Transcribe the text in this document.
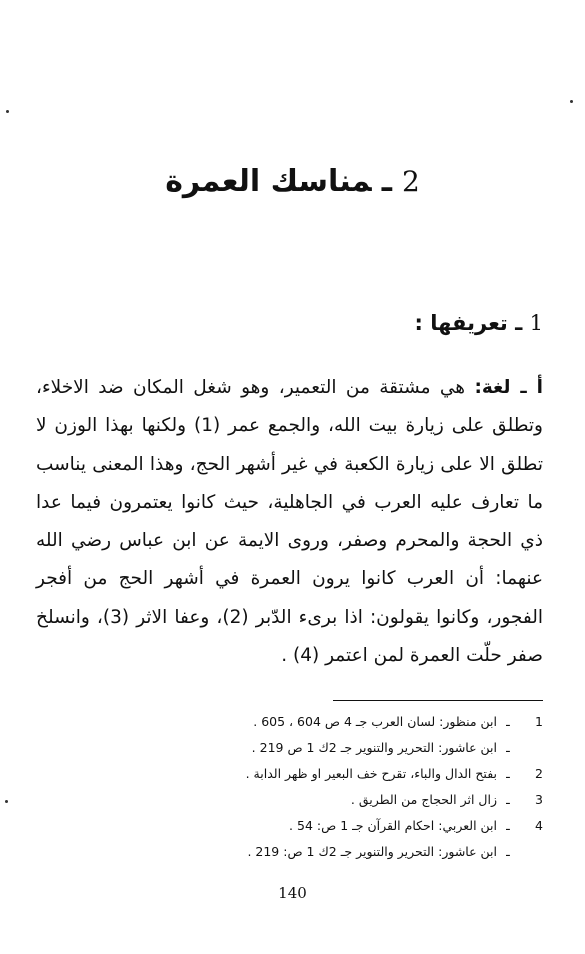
2ـمناسك العمرة
1 ـ تعريفها :

أ ـ لغة: هي مشتقة من التعمير، وهو شغل المكان ضد الاخلاء، وتطلق على زيارة بيت الله، والجمع عمر (1) ولكنها بهذا الوزن لا تطلق الا على زيارة الكعبة في غير أشهر الحج، وهذا المعنى يناسب ما تعارف عليه العرب في الجاهلية، حيث كانوا يعتمرون فيما عدا ذي الحجة والمحرم وصفر، وروى الايمة عن ابن عباس رضي الله عنهما: أن العرب كانوا يرون العمرة في أشهر الحج من أفجر الفجور، وكانوا يقولون: اذا برىء الدّبر (2)، وعفا الاثر (3)، وانسلخ صفر حلّت العمرة لمن اعتمر (4) .

1
ـ
ابن منظور: لسان العرب جـ 4 ص 604 ، 605 .
ـ
ابن عاشور: التحرير والتنوير جـ 2ك 1 ص 219 .
2
ـ
بفتح الدال والباء، تقرح خف البعير او ظهر الدابة .
3
ـ
زال اثر الحجاج من الطريق .
4
ـ
ابن العربي: احكام القرآن جـ 1 ص: 54 .
ـ
ابن عاشور: التحرير والتنوير جـ 2ك 1 ص: 219 .
140
